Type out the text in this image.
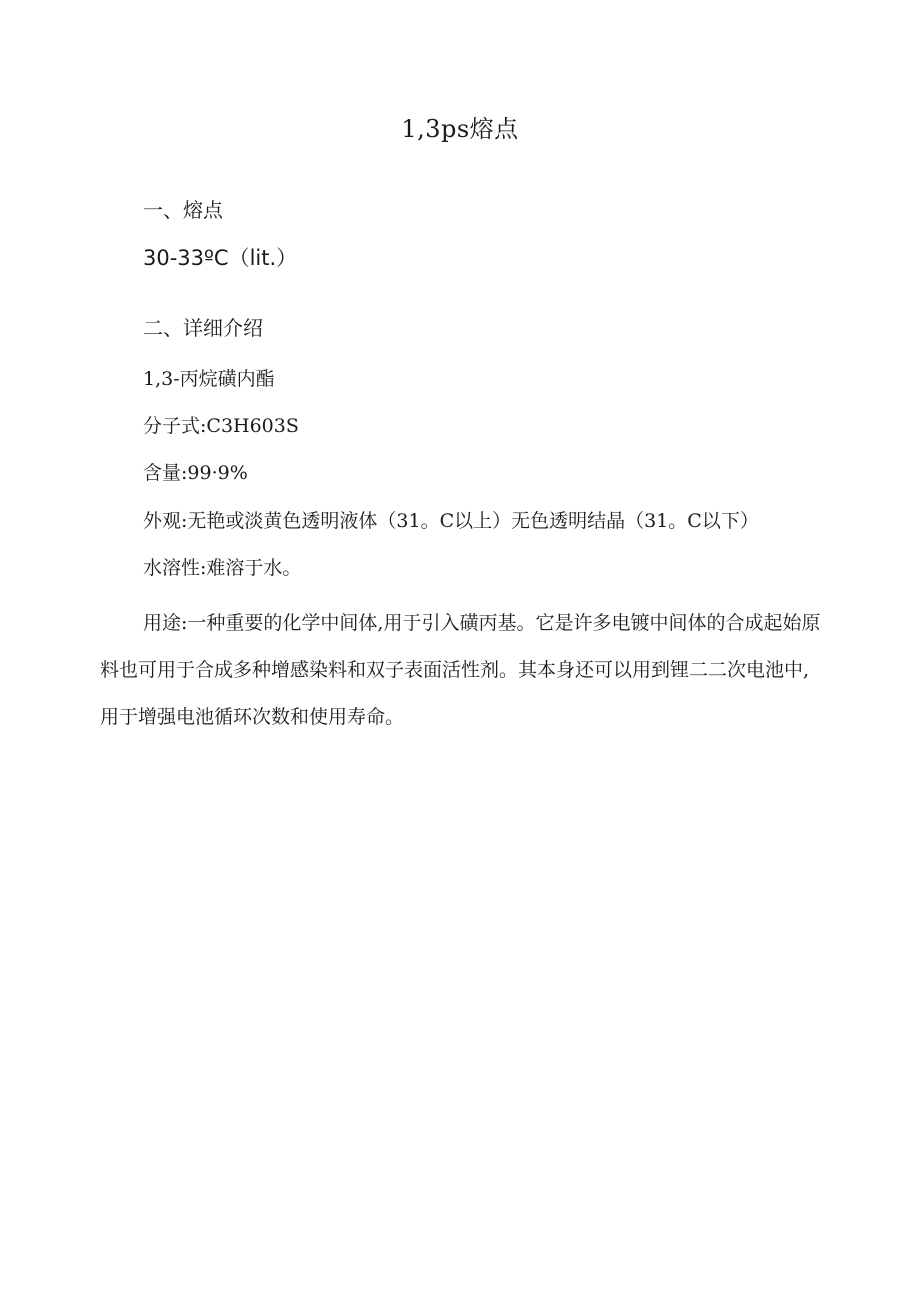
1,3ps熔点
一、熔点
30-33ºC（lit.）
二、详细介绍
1,3-丙烷磺内酯
分子式:C3H603S
含量:99·9%
外观:无艳或淡黄色透明液体（31。C以上）无色透明结晶（31。C以下）
水溶性:难溶于水。

用途:一种重要的化学中间体,用于引入磺丙基。它是许多电镀中间体的合成起始原料也可用于合成多种增感染料和双子表面活性剂。其本身还可以用到锂二二次电池中,用于增强电池循环次数和使用寿命。
